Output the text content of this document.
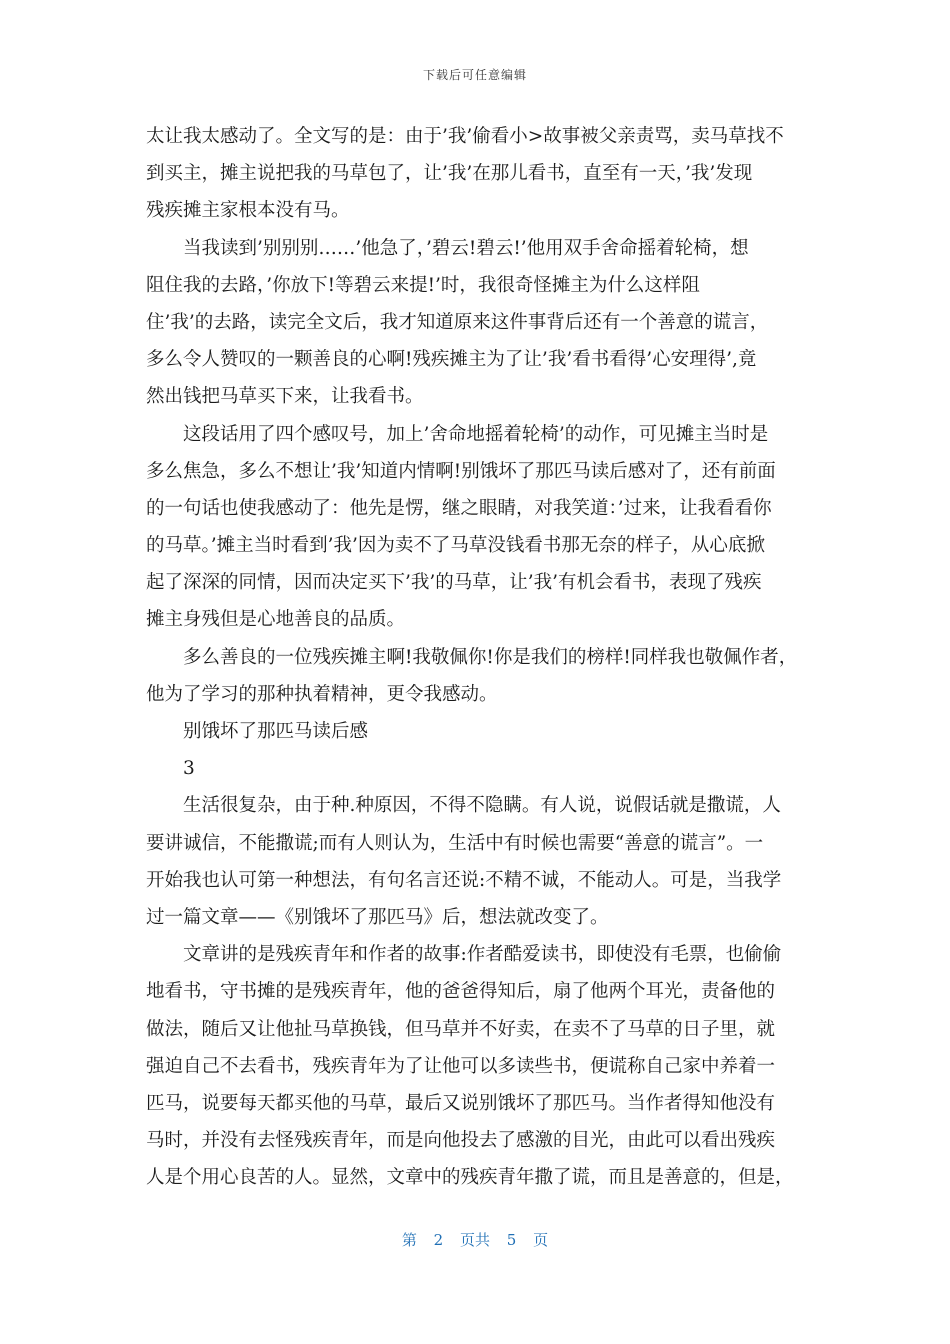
下载后可任意编辑
太让我太感动了。全文写的是：由于’我’偷看小>故事被父亲责骂，卖马草找不
到买主，摊主说把我的马草包了，让’我’在那儿看书，直至有一天，’我’发现
残疾摊主家根本没有马。
当我读到’别别别……’他急了，’碧云!碧云!’他用双手舍命摇着轮椅，想
阻住我的去路，’你放下!等碧云来提!’时，我很奇怪摊主为什么这样阻
住’我’的去路，读完全文后，我才知道原来这件事背后还有一个善意的谎言，
多么令人赞叹的一颗善良的心啊!残疾摊主为了让’我’看书看得’心安理得’,竟
然出钱把马草买下来，让我看书。
这段话用了四个感叹号，加上’舍命地摇着轮椅’的动作，可见摊主当时是
多么焦急，多么不想让’我’知道内情啊!别饿坏了那匹马读后感对了，还有前面
的一句话也使我感动了：他先是愣，继之眼睛，对我笑道：’过来，让我看看你
的马草。’摊主当时看到’我’因为卖不了马草没钱看书那无奈的样子，从心底掀
起了深深的同情，因而决定买下’我’的马草，让’我’有机会看书，表现了残疾
摊主身残但是心地善良的品质。
多么善良的一位残疾摊主啊!我敬佩你!你是我们的榜样!同样我也敬佩作者，
他为了学习的那种执着精神，更令我感动。
别饿坏了那匹马读后感
3
生活很复杂，由于种.种原因，不得不隐瞒。有人说，说假话就是撒谎，人
要讲诚信，不能撒谎;而有人则认为，生活中有时候也需要“善意的谎言”。一
开始我也认可第一种想法，有句名言还说:不精不诚，不能动人。可是，当我学
过一篇文章——《别饿坏了那匹马》后，想法就改变了。
文章讲的是残疾青年和作者的故事:作者酷爱读书，即使没有毛票，也偷偷
地看书，守书摊的是残疾青年，他的爸爸得知后，扇了他两个耳光，责备他的
做法，随后又让他扯马草换钱，但马草并不好卖，在卖不了马草的日子里，就
强迫自己不去看书，残疾青年为了让他可以多读些书，便谎称自己家中养着一
匹马，说要每天都买他的马草，最后又说别饿坏了那匹马。当作者得知他没有
马时，并没有去怪残疾青年，而是向他投去了感激的目光，由此可以看出残疾
人是个用心良苦的人。显然，文章中的残疾青年撒了谎，而且是善意的，但是，
第 2 页共 5 页
